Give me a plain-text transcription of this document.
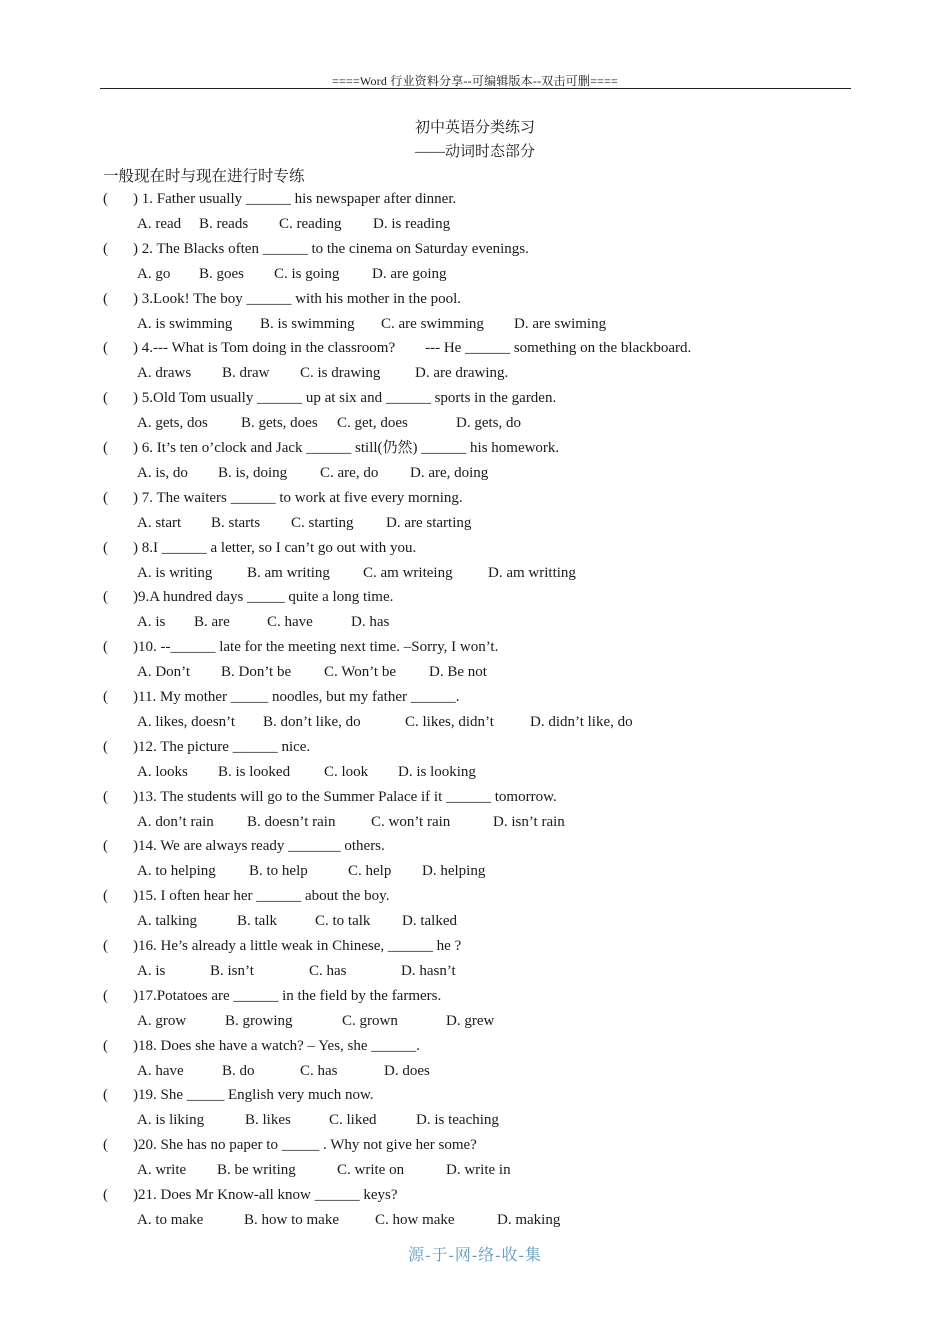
====Word 行业资料分享--可编辑版本--双击可删====
初中英语分类练习
——动词时态部分
一般现在时与现在进行时专练
( ) 1. Father usually ______ his newspaper after dinner.
A. read B. reads C. reading D. is reading
( ) 2. The Blacks often ______ to the cinema on Saturday evenings.
A. go B. goes C. is going D. are going
( ) 3.Look! The boy ______ with his mother in the pool.
A. is swimming B. is swimming C. are swimming D. are swiming
( ) 4.--- What is Tom doing in the classroom?        --- He ______ something on the blackboard.
A. draws B. draw C. is drawing D. are drawing.
( ) 5.Old Tom usually ______ up at six and ______ sports in the garden.
A. gets, dos B. gets, does C. get, does	D. gets, do
( ) 6. It’s ten o’clock and Jack ______ still(仍然) ______ his homework.
A. is, do B. is, doing C. are, do D. are, doing
( ) 7. The waiters ______ to work at five every morning.
A. start B. starts C. starting D. are starting
( ) 8.I ______ a letter, so I can’t go out with you.
A. is writing B. am writing C. am writeing D. am writting
( )9.A hundred days _____ quite a long time.
A. is B. are C. have	D. has
( )10. --______ late for the meeting next time. –Sorry, I won’t.
A. Don’t B. Don’t be C. Won’t be D. Be not
( )11. My mother _____ noodles, but my father ______.
A. likes, doesn’t B. don’t like, do	C. likes, didn’t D. didn’t like, do
( )12. The picture ______ nice.
A. looks B. is looked C. look D. is looking
( )13. The students will go to the Summer Palace if it ______ tomorrow.
A. don’t rain B. doesn’t rain C. won’t rain	D. isn’t rain
( )14. We are always ready _______ others.
A. to helping B. to help	C. help D. helping
( )15. I often hear her ______ about the boy.
A. talking	B. talk	C. to talk D. talked
( )16. He’s already a little weak in Chinese, ______ he ?
A. is	B. isn’t	C. has	D. hasn’t
( )17.Potatoes are ______ in the field by the farmers.
A. grow	B. growing	C. grown	D. grew
( )18. Does she have a watch? – Yes, she ______.
A. have	B. do	C. has	D. does
( )19. She _____ English very much now.
A. is liking	B. likes	C. liked	D. is teaching
( )20. She has no paper to _____ . Why not give her some?
A. write B. be writing	C. write on	D. write in
( )21. Does Mr Know-all know ______ keys?
A. to make	B. how to make C. how make	D. making
源-于-网-络-收-集
